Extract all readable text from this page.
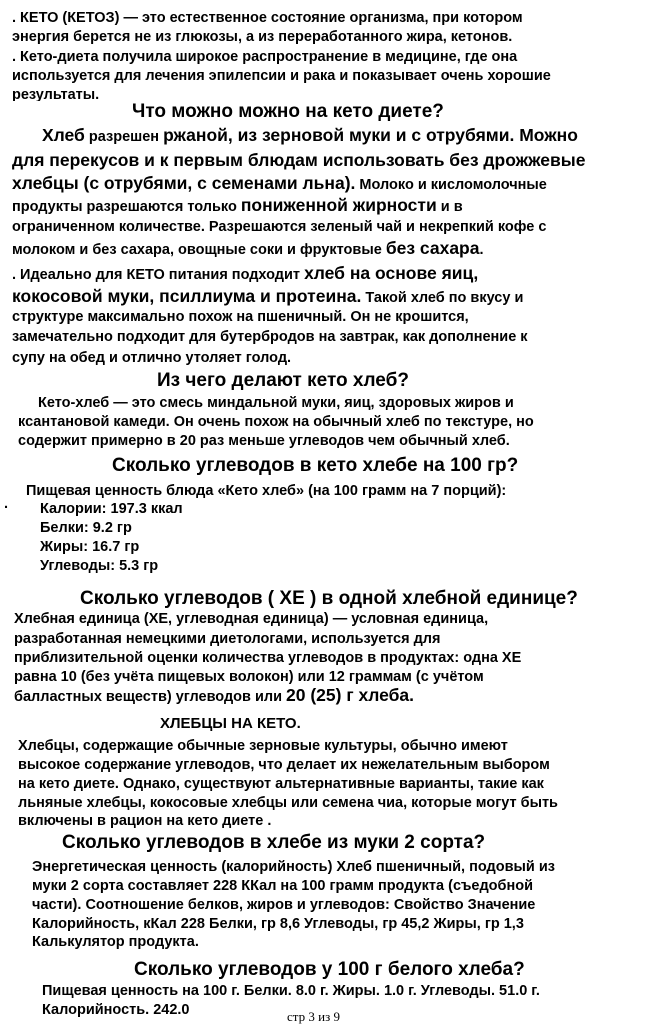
. КЕТО (КЕТОЗ) — это естественное состояние организма, при котором
энергия берется не из глюкозы, а из переработанного жира, кетонов.
. Кето-диета получила широкое распространение в медицине, где она
используется для лечения эпилепсии и рака и показывает очень хорошие
результаты.
Что можно можно на кето диете?
Хлеб разрешен ржаной, из зерновой муки и с отрубями. Можно
для перекусов и к первым блюдам использовать без дрожжевые
хлебцы (с отрубями, с семенами льна). Молоко и кисломолочные
продукты разрешаются только пониженной жирности и в
ограниченном количестве. Разрешаются зеленый чай и некрепкий кофе с
молоком и без сахара, овощные соки и фруктовые без сахара.
. Идеально для КЕТО питания подходит хлеб на основе яиц,
кокосовой муки, псиллиума и протеина. Такой хлеб по вкусу и
структуре максимально похож на пшеничный. Он не крошится,
замечательно подходит для бутербродов на завтрак, как дополнение к
супу на обед и отлично утоляет голод.
Из чего делают кето хлеб?
Кето-хлеб — это смесь миндальной муки, яиц, здоровых жиров и
ксантановой камеди. Он очень похож на обычный хлеб по текстуре, но
содержит примерно в 20 раз меньше углеводов чем обычный хлеб.
Сколько углеводов в кето хлебе на 100 гр?
Пищевая ценность блюда «Кето хлеб» (на 100 грамм на 7 порций):
· Калории: 197.3 ккал
Белки: 9.2 гр
Жиры: 16.7 гр
Углеводы: 5.3 гр
Сколько углеводов ( ХЕ ) в одной хлебной единице?
Хлебная единица (ХЕ, углеводная единица) — условная единица,
разработанная немецкими диетологами, используется для
приблизительной оценки количества углеводов в продуктах: одна ХЕ
равна 10 (без учёта пищевых волокон) или 12 граммам (с учётом
балластных веществ) углеводов или 20 (25) г хлеба.
ХЛЕБЦЫ НА КЕТО.
Хлебцы, содержащие обычные зерновые культуры, обычно имеют
высокое содержание углеводов, что делает их нежелательным выбором
на кето диете. Однако, существуют альтернативные варианты, такие как
льняные хлебцы, кокосовые хлебцы или семена чиа, которые могут быть
включены в рацион на кето диете .
Сколько углеводов в хлебе из муки 2 сорта?
Энергетическая ценность (калорийность) Хлеб пшеничный, подовый из
муки 2 сорта составляет 228 ККал на 100 грамм продукта (съедобной
части). Соотношение белков, жиров и углеводов: Свойство Значение
Калорийность, кКал 228 Белки, гр 8,6 Углеводы, гр 45,2 Жиры, гр 1,3
Калькулятор продукта.
Сколько углеводов у 100 г белого хлеба?
Пищевая ценность на 100 г. Белки. 8.0 г. Жиры. 1.0 г. Углеводы. 51.0 г.
Калорийность. 242.0	стр 3 из 9
